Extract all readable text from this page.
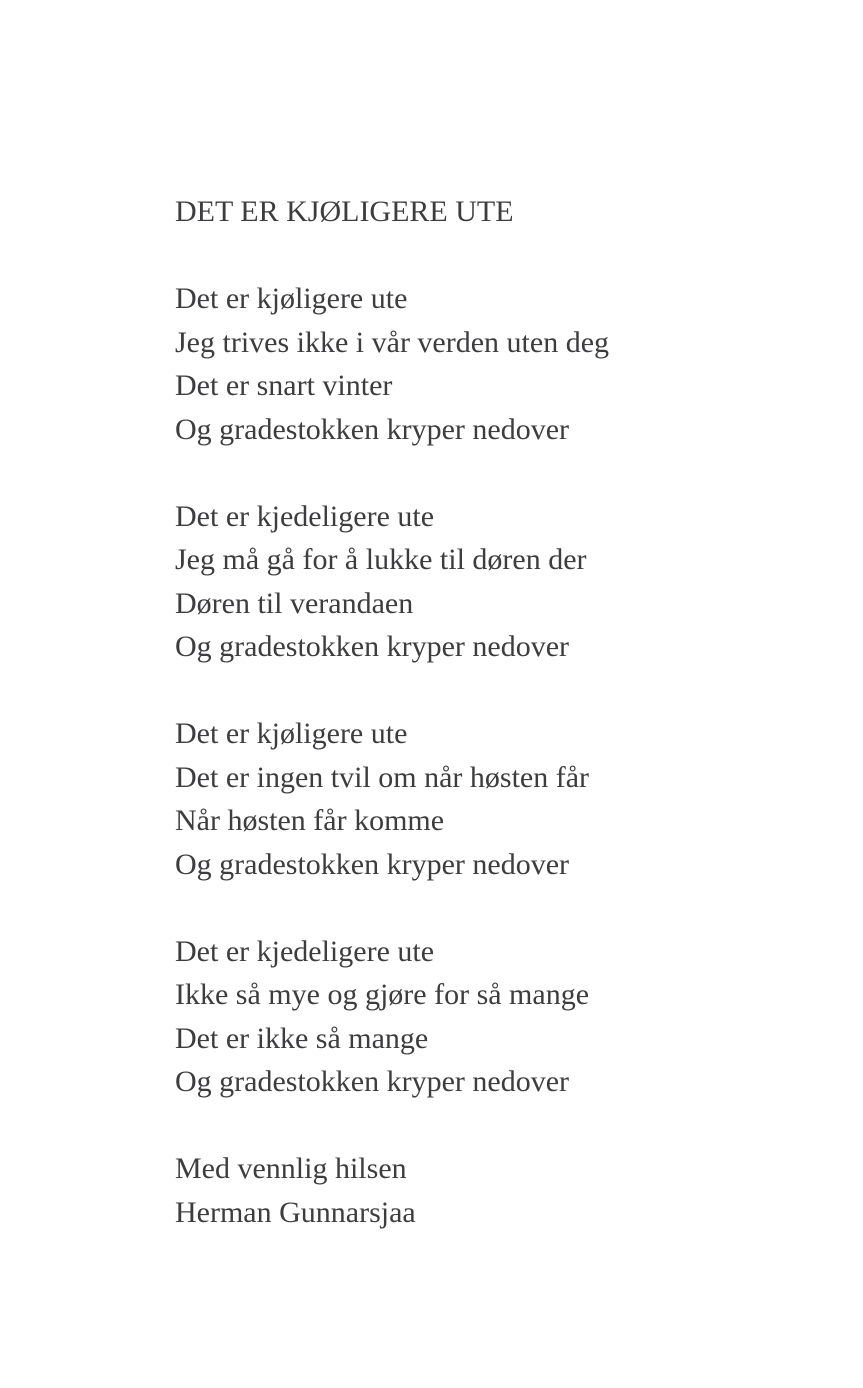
DET ER KJØLIGERE UTE
Det er kjøligere ute
Jeg trives ikke i vår verden uten deg
Det er snart vinter
Og gradestokken kryper nedover
Det er kjedeligere ute
Jeg må gå for å lukke til døren der
Døren til verandaen
Og gradestokken kryper nedover
Det er kjøligere ute
Det er ingen tvil om når høsten får
Når høsten får komme
Og gradestokken kryper nedover
Det er kjedeligere ute
Ikke så mye og gjøre for så mange
Det er ikke så mange
Og gradestokken kryper nedover
Med vennlig hilsen
Herman Gunnarsjaa
